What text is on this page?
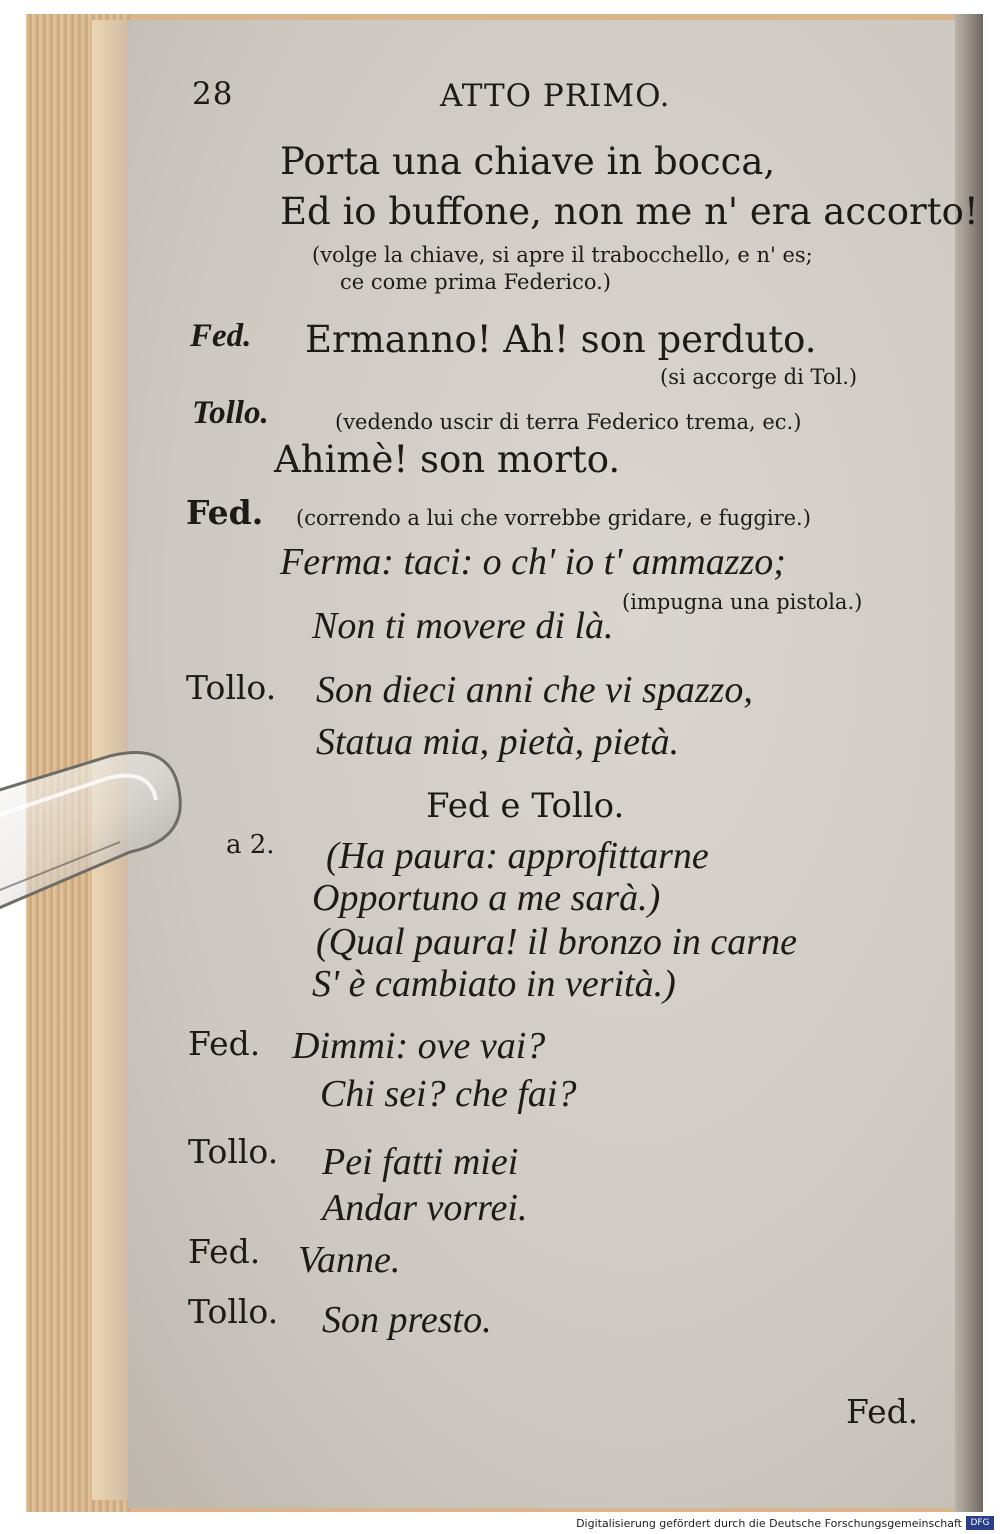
28	ATTO PRIMO.
Porta una chiave in bocca,
Ed io buffone, non me n' era accorto!
(volge la chiave, si apre il trabocchello, e n' es;
ce come prima Federico.)
Fed. Ermanno! Ah! son perduto.
(si accorge di Tol.)
Tollo.	(vedendo uscir di terra Federico trema, ec.)
Ahimè! son morto.
Fed. (correndo a lui che vorrebbe gridare, e fuggire.)
Ferma: taci: o ch' io t' ammazzo;
(impugna una pistola.)
Non ti movere di là.
Tollo. Son dieci anni che vi spazzo,
Statua mia, pietà, pietà.
Fed e Tollo.
a 2. (Ha paura: approfittarne
Opportuno a me sarà.)
(Qual paura! il bronzo in carne
S' è cambiato in verità.)
Fed. Dimmi: ove vai?
Chi sei? che fai?
Tollo. Pei fatti miei
Andar vorrei.
Fed. Vanne.
Tollo. Son presto.
Fed.
Digitalisierung gefördert durch die Deutsche Forschungsgemeinschaft DFG
